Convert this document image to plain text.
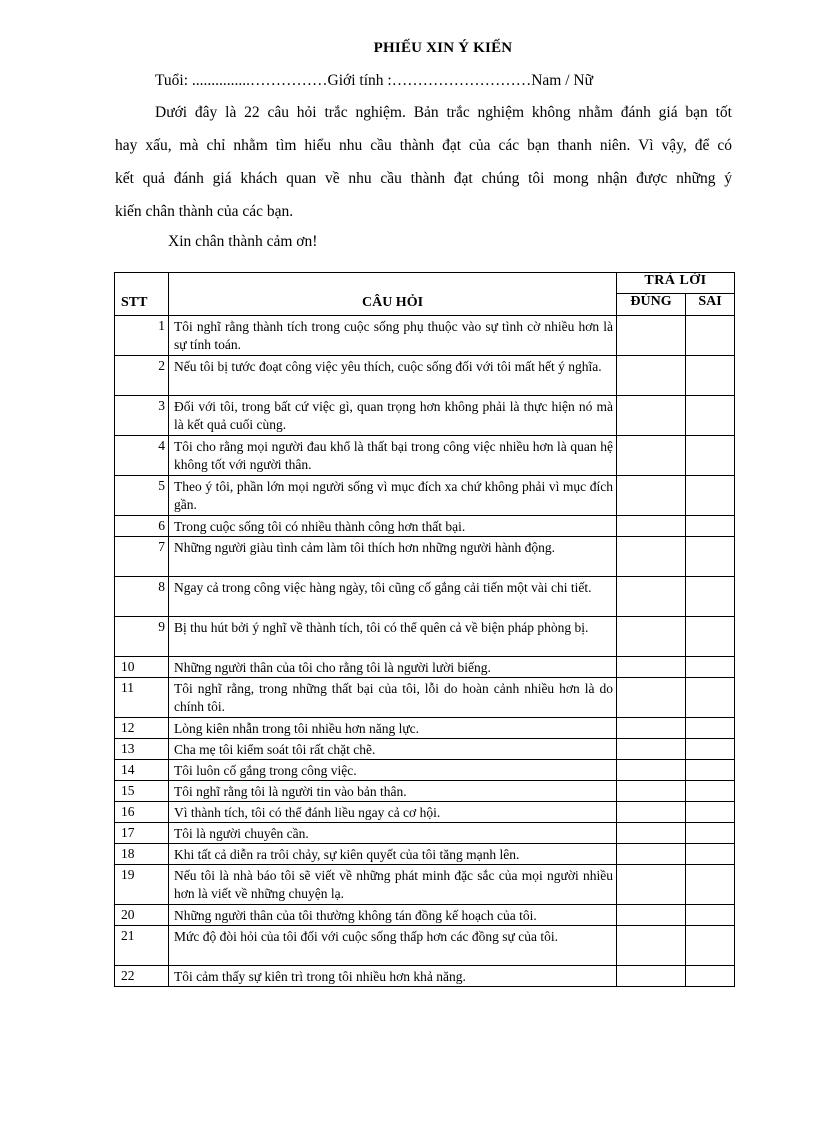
PHIẾU XIN Ý KIẾN
Tuổi: ...............……………Giới tính :………………………Nam / Nữ
Dưới đây là 22 câu hỏi trắc nghiệm. Bản trắc nghiệm không nhằm đánh giá bạn tốt
hay xấu, mà chỉ nhằm tìm hiểu nhu cầu thành đạt của các bạn thanh niên. Vì vậy, để có
kết quả đánh giá khách quan về nhu cầu thành đạt chúng tôi mong nhận được những ý
kiến chân thành của các bạn.
Xin chân thành cảm ơn!
STT	CÂU HỎI	TRẢ LỜI	
		ĐÚNG	SAI
1	Tôi nghĩ rằng thành tích trong cuộc sống phụ thuộc vào sự tình cờ nhiều hơn là sự tính toán.		
2	Nếu tôi bị tước đoạt công việc yêu thích, cuộc sống đối với tôi mất hết ý nghĩa.		
3	Đối với tôi, trong bất cứ việc gì, quan trọng hơn không phải là thực hiện nó mà là kết quả cuối cùng.		
4	Tôi cho rằng mọi người đau khổ là thất bại trong công việc nhiều hơn là quan hệ không tốt với người thân.		
5	Theo ý tôi, phần lớn mọi người sống vì mục đích xa chứ không phải vì mục đích gần.		
6	Trong cuộc sống tôi có nhiều thành công hơn thất bại.		
7	Những người giàu tình cảm làm tôi thích hơn những người hành động.		
8	Ngay cả trong công việc hàng ngày, tôi cũng cố gắng cải tiến một vài chi tiết.		
9	Bị thu hút bởi ý nghĩ về thành tích, tôi có thể quên cả về biện pháp phòng bị.		
10	Những người thân của tôi cho rằng tôi là người lười biếng.		
11	Tôi nghĩ rằng, trong những thất bại của tôi, lỗi do hoàn cảnh nhiều hơn là do chính tôi.		
12	Lòng kiên nhẫn trong tôi nhiều hơn năng lực.		
13	Cha mẹ tôi kiểm soát tôi rất chặt chẽ.		
14	Tôi luôn cố gắng trong công việc.		
15	Tôi nghĩ rằng tôi là người tin vào bản thân.		
16	Vì thành tích, tôi có thể đánh liều ngay cả cơ hội.		
17	Tôi là người chuyên cần.		
18	Khi tất cả diễn ra trôi chảy, sự kiên quyết của tôi tăng mạnh lên.		
19	Nếu tôi là nhà báo tôi sẽ viết về những phát minh đặc sắc của mọi người nhiều hơn là viết về những chuyện lạ.		
20	Những người thân của tôi thường không tán đồng kế hoạch của tôi.		
21	Mức độ đòi hỏi của tôi đối với cuộc sống thấp hơn các đồng sự của tôi.		
22	Tôi cảm thấy sự kiên trì trong tôi nhiều hơn khả năng.		
